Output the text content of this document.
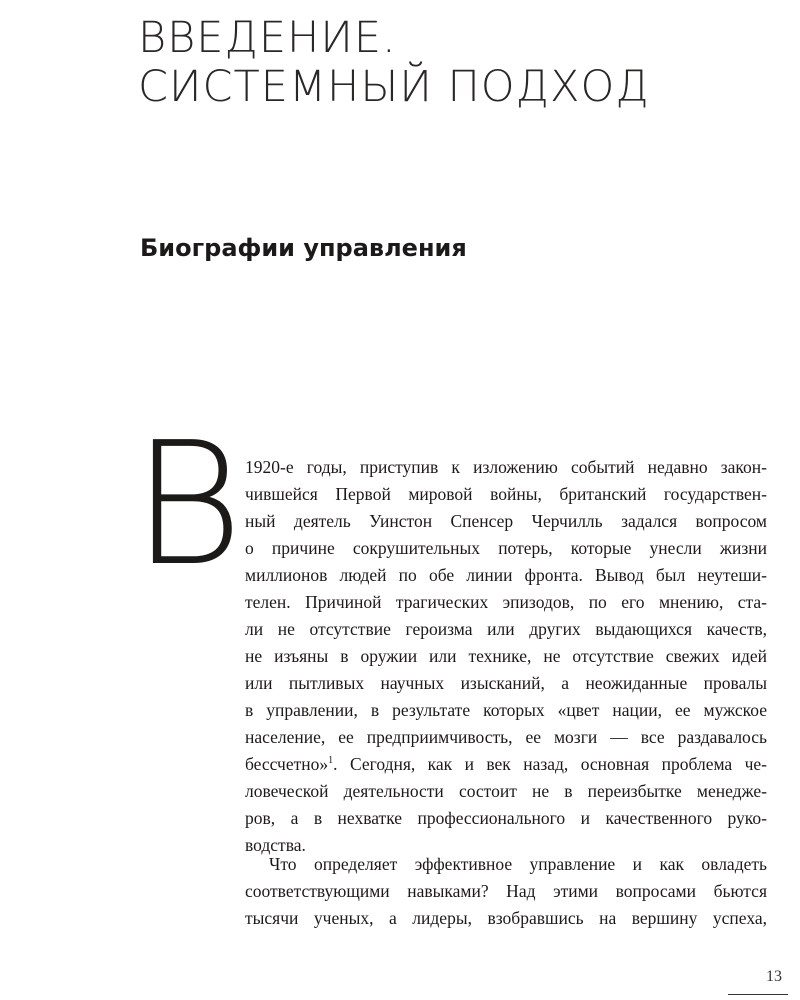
ВВЕДЕНИЕ.
СИСТЕМНЫЙ ПОДХОД
Биографии управления
В 1920-е годы, приступив к изложению событий недавно закон-
чившейся Первой мировой войны, британский государствен-
ный деятель Уинстон Спенсер Черчилль задался вопросом
о причине сокрушительных потерь, которые унесли жизни
миллионов людей по обе линии фронта. Вывод был неутеши-
телен. Причиной трагических эпизодов, по его мнению, ста-
ли не отсутствие героизма или других выдающихся качеств,
не изъяны в оружии или технике, не отсутствие свежих идей
или пытливых научных изысканий, а неожиданные провалы
в управлении, в результате которых «цвет нации, ее мужское
население, ее предприимчивость, ее мозги — все раздавалось
бессчетно»$^1$. Сегодня, как и век назад, основная проблема че-
ловеческой деятельности состоит не в переизбытке менедже-
ров, а в нехватке профессионального и качественного руко-
водства.
Что определяет эффективное управление и как овладеть
соответствующими навыками? Над этими вопросами бьются
тысячи ученых, а лидеры, взобравшись на вершину успеха,
13
